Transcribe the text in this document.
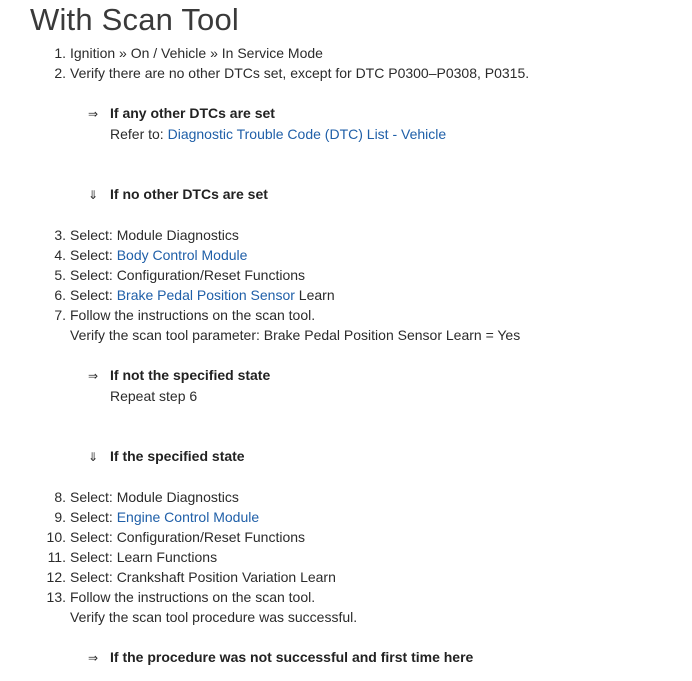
With Scan Tool
1. Ignition » On / Vehicle » In Service Mode
2. Verify there are no other DTCs set, except for DTC P0300–P0308, P0315.
⇒ If any other DTCs are set
Refer to: Diagnostic Trouble Code (DTC) List - Vehicle
⇓ If no other DTCs are set
3. Select: Module Diagnostics
4. Select: Body Control Module
5. Select: Configuration/Reset Functions
6. Select: Brake Pedal Position Sensor Learn
7. Follow the instructions on the scan tool.
Verify the scan tool parameter: Brake Pedal Position Sensor Learn = Yes
⇒ If not the specified state
Repeat step 6
⇓ If the specified state
8. Select: Module Diagnostics
9. Select: Engine Control Module
10. Select: Configuration/Reset Functions
11. Select: Learn Functions
12. Select: Crankshaft Position Variation Learn
13. Follow the instructions on the scan tool.
Verify the scan tool procedure was successful.
⇒ If the procedure was not successful and first time here
